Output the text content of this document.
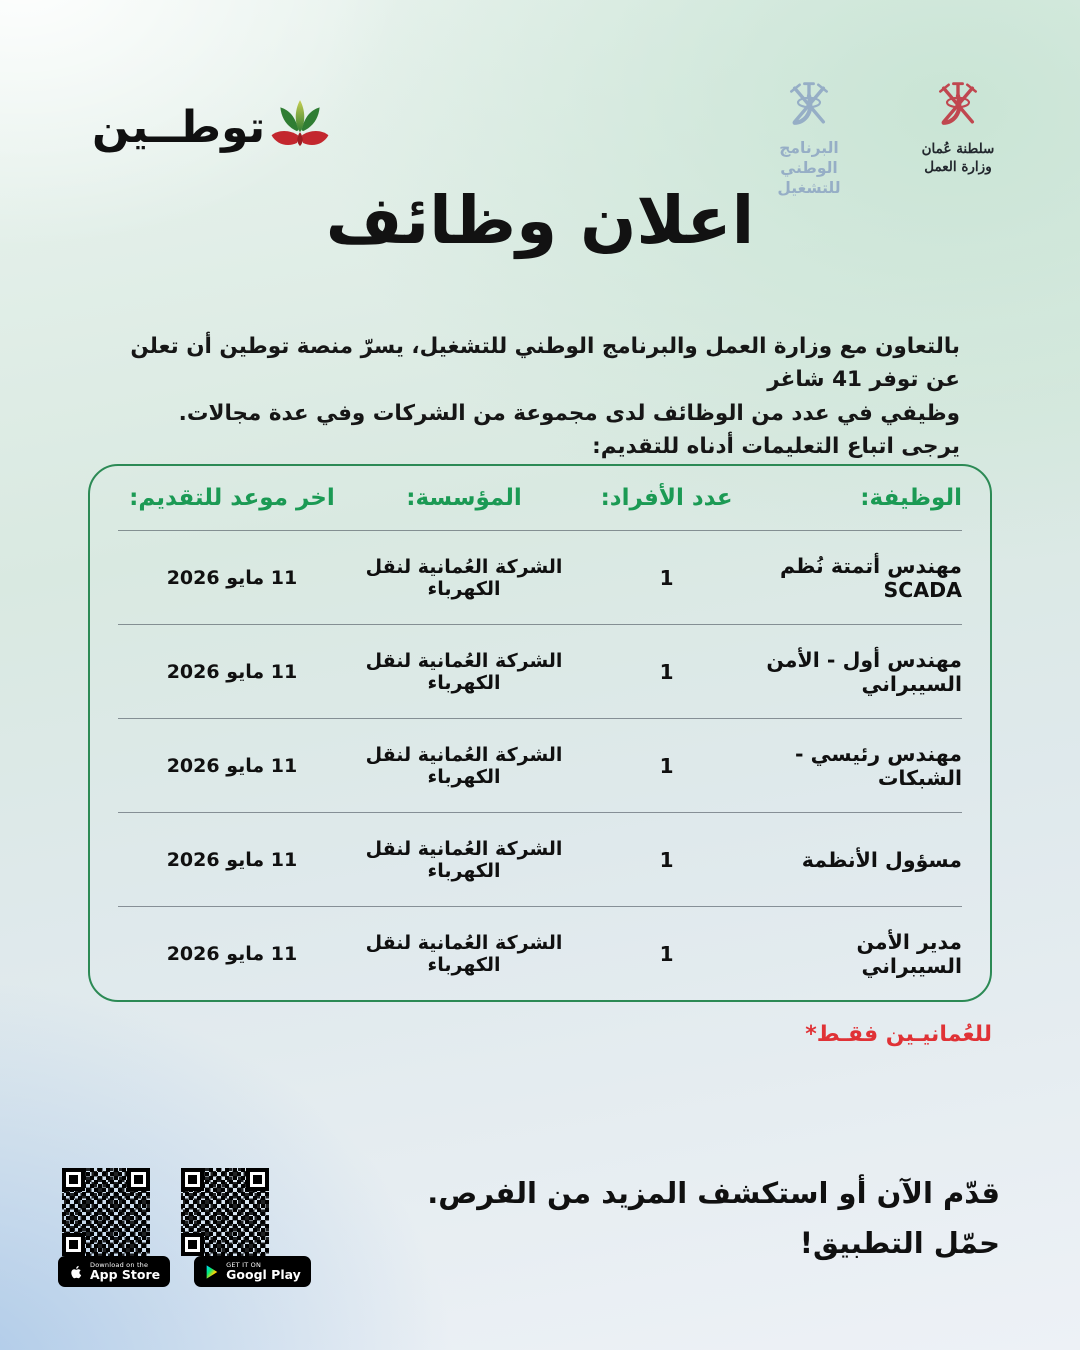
توطــين	البرنامج الوطني
للتشغيل
سلطنة عُمان
وزارة العمل
اعلان وظائف
بالتعاون مع وزارة العمل والبرنامج الوطني للتشغيل، يسرّ منصة توطين أن تعلن عن توفر 41 شاغر
وظيفي في عدد من الوظائف لدى مجموعة من الشركات وفي عدة مجالات.
يرجى اتباع التعليمات أدناه للتقديم:
الوظيفة:
عدد الأفراد:
المؤسسة:
اخر موعد للتقديم:
مهندس أتمتة نُظم SCADA
1
الشركة العُمانية لنقل الكهرباء
11 مايو 2026
مهندس أول - الأمن السيبراني
1
الشركة العُمانية لنقل الكهرباء
11 مايو 2026
مهندس رئيسي - الشبكات
1
الشركة العُمانية لنقل الكهرباء
11 مايو 2026
مسؤول الأنظمة
1
الشركة العُمانية لنقل الكهرباء
11 مايو 2026
مدير الأمن السيبراني
1
الشركة العُمانية لنقل الكهرباء
11 مايو 2026
للعُمانيـين فقـط*
قدّم الآن أو استكشف المزيد من الفرص.
حمّل التطبيق!
Download on the
App Store
GET IT ON
Googl Play
